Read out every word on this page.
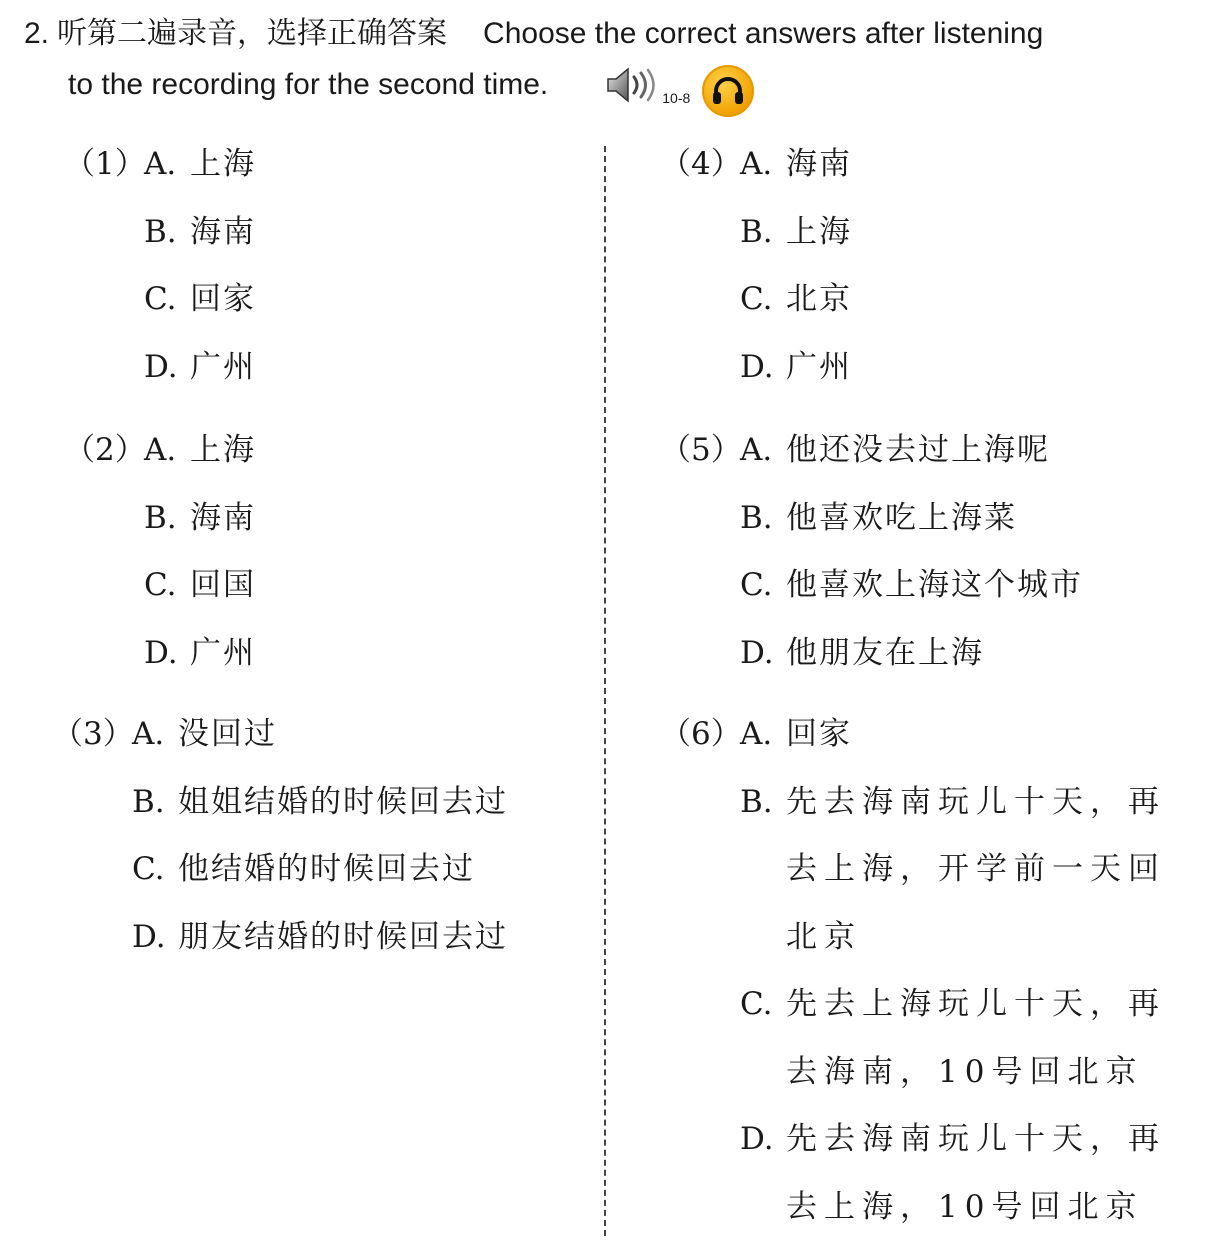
2. 听第二遍录音，选择正确答案 Choose the correct answers after listening
to the recording for the second time.	10-8
（1）
A. 上海
B. 海南
C. 回家
D. 广州
（2）
A. 上海
B. 海南
C. 回国
D. 广州
（3）
A. 没回过
B. 姐姐结婚的时候回去过
C. 他结婚的时候回去过
D. 朋友结婚的时候回去过
（4）
A. 海南
B. 上海
C. 北京
D. 广州
（5）
A. 他还没去过上海呢
B. 他喜欢吃上海菜
C. 他喜欢上海这个城市
D. 他朋友在上海
（6）
A. 回家
B. 先去海南玩儿十天，再
去上海，开学前一天回
北京
C. 先去上海玩儿十天，再
去海南，10号回北京
D. 先去海南玩儿十天，再
去上海，10号回北京
